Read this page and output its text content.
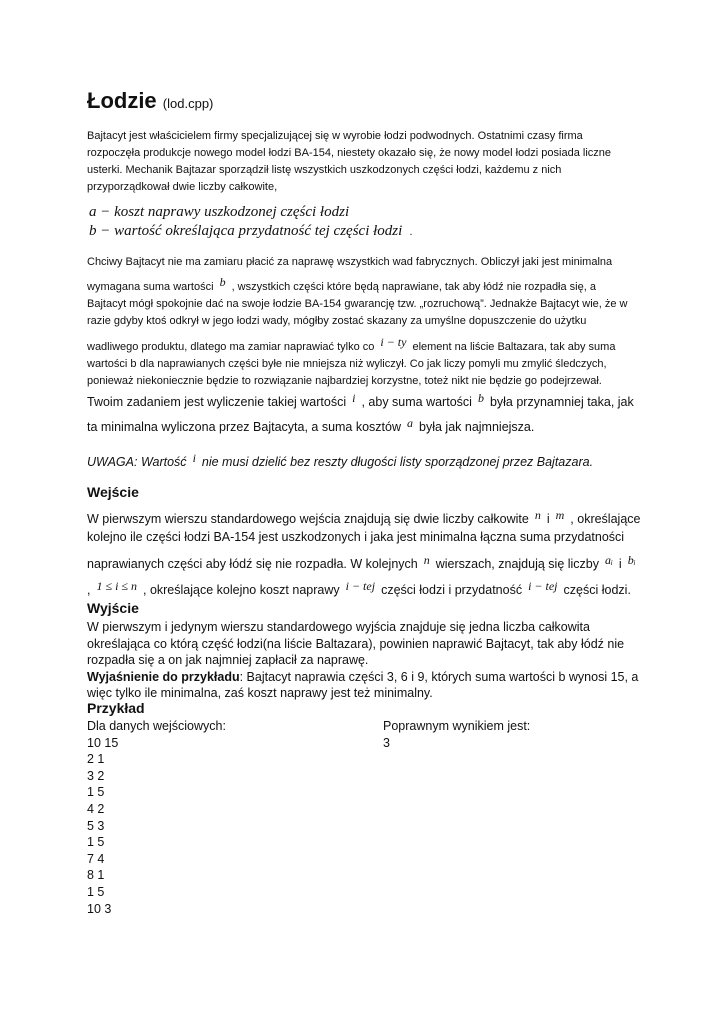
Łodzie (lod.cpp)
Bajtacyt jest właścicielem firmy specjalizującej się w wyrobie łodzi podwodnych. Ostatnimi czasy firma
rozpoczęła produkcje nowego model łodzi BA-154, niestety okazało się, że nowy model łodzi posiada liczne
usterki. Mechanik Bajtazar sporządził listę wszystkich uszkodzonych części łodzi, każdemu z nich
przyporządkował dwie liczby całkowite,
a − koszt naprawy uszkodzonej części łodzi
b − wartość określająca przydatność tej części łodzi .
Chciwy Bajtacyt nie ma zamiaru płacić za naprawę wszystkich wad fabrycznych. Obliczył jaki jest minimalna
wymagana suma wartości b , wszystkich części które będą naprawiane, tak aby łódź nie rozpadła się, a
Bajtacyt mógł spokojnie dać na swoje łodzie BA-154 gwarancję tzw. „rozruchową”. Jednakże Bajtacyt wie, że w
razie gdyby ktoś odkrył w jego łodzi wady, mógłby zostać skazany za umyślne dopuszczenie do użytku
wadliwego produktu, dlatego ma zamiar naprawiać tylko co i − ty element na liście Baltazara, tak aby suma
wartości b dla naprawianych części byłe nie mniejsza niż wyliczył. Co jak liczy pomyli mu zmylić śledczych,
ponieważ niekoniecznie będzie to rozwiązanie najbardziej korzystne, toteż nikt nie będzie go podejrzewał.
Twoim zadaniem jest wyliczenie takiej wartości i , aby suma wartości b była przynamniej taka, jak
ta minimalna wyliczona przez Bajtacyta, a suma kosztów a była jak najmniejsza.
UWAGA: Wartość i nie musi dzielić bez reszty długości listy sporządzonej przez Bajtazara.
Wejście
W pierwszym wierszu standardowego wejścia znajdują się dwie liczby całkowite n i m , określające
kolejno ile części łodzi BA-154 jest uszkodzonych i jaka jest minimalna łączna suma przydatności
naprawianych części aby łódź się nie rozpadła. W kolejnych n wierszach, znajdują się liczby aᵢ i bᵢ
, 1 ≤ i ≤ n , określające kolejno koszt naprawy i − tej części łodzi i przydatność i − tej części łodzi.
Wyjście
W pierwszym i jedynym wierszu standardowego wyjścia znajduje się jedna liczba całkowita
określająca co którą część łodzi(na liście Baltazara), powinien naprawić Bajtacyt, tak aby łódź nie
rozpadła się a on jak najmniej zapłacił za naprawę.
Wyjaśnienie do przykładu: Bajtacyt naprawia części 3, 6 i 9, których suma wartości b wynosi 15, a
więc tylko ile minimalna, zaś koszt naprawy jest też minimalny.
Przykład
Dla danych wejściowych:
10 15
2 1
3 2
1 5
4 2
5 3
1 5
7 4
8 1
1 5
10 3
Poprawnym wynikiem jest:
3
